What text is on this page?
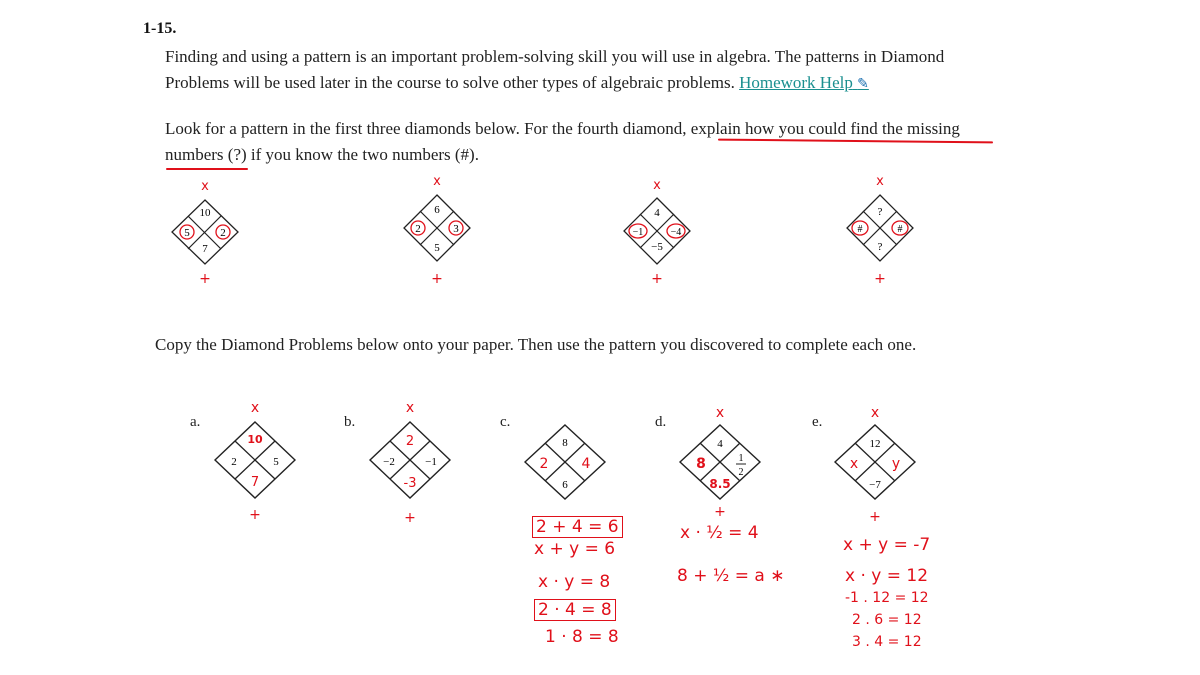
1-15.
Finding and using a pattern is an important problem-solving skill you will use in algebra. The patterns in Diamond
Problems will be used later in the course to solve other types of algebraic problems. Homework Help ✎
Look for a pattern in the first three diamonds below. For the fourth diamond, explain how you could find the missing
numbers (?) if you know the two numbers (#).
x
10
5	2
7
+
x
6
2	3
5
+
x
4
−1	−4
−5
+
x
?
#	#
?
+
Copy the Diamond Problems below onto your paper. Then use the pattern you discovered to complete each one.
a.	b.	c.	d.	e.
x
10
2	5
7
+
x
2
−2	−1
-3
+
8
2 4
6
x
4
8	1
2
8.5
+
x
12
x y
−7
+
2 + 4 = 6
x + y = 6
x · y = 8
2 · 4 = 8
1 · 8 = 8
x · ½ = 4
8 + ½ = a ∗
x + y = -7
x · y = 12
-1 . 12 = 12
2 . 6 = 12
3 . 4 = 12
